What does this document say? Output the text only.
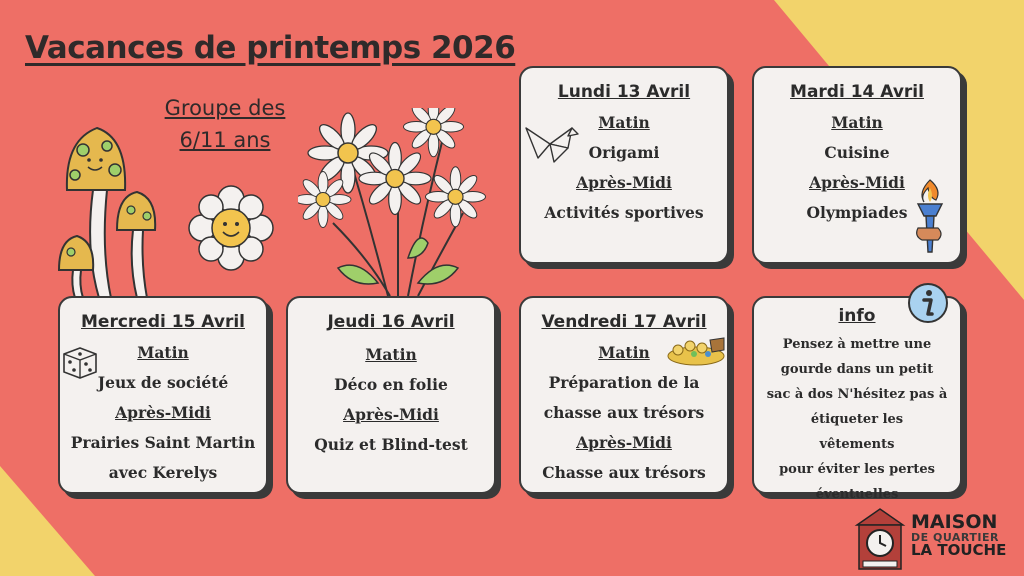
Vacances de printemps 2026
Groupe des
6/11 ans
Lundi 13 Avril
Matin
Origami
Après-Midi
Activités sportives
Mardi 14 Avril
Matin
Cuisine
Après-Midi
Olympiades
Mercredi 15 Avril
Matin
Jeux de société
Après-Midi
Prairies Saint Martin
avec Kerelys
Jeudi 16 Avril
Matin
Déco en folie
Après-Midi
Quiz et Blind-test
Vendredi 17 Avril
Matin
Préparation de la
chasse aux trésors
Après-Midi
Chasse aux trésors
info

Pensez à mettre une
gourde dans un petit
sac à dos N'hésitez pas à
étiqueter les vêtements
pour éviter les pertes
éventuelles

MAISON
DE QUARTIER
LA TOUCHE
